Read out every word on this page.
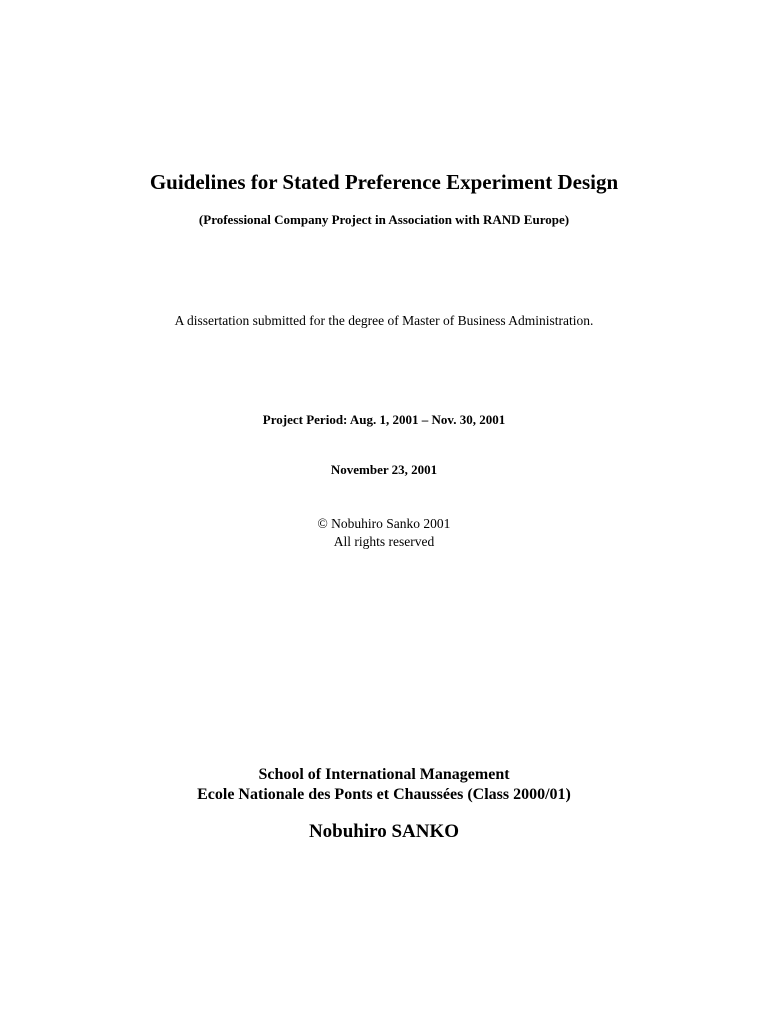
Guidelines for Stated Preference Experiment Design

(Professional Company Project in Association with RAND Europe)

A dissertation submitted for the degree of Master of Business Administration.

Project Period: Aug. 1, 2001 – Nov. 30, 2001

November 23, 2001

© Nobuhiro Sanko 2001
All rights reserved
School of International Management
Ecole Nationale des Ponts et Chaussées (Class 2000/01)

Nobuhiro SANKO
